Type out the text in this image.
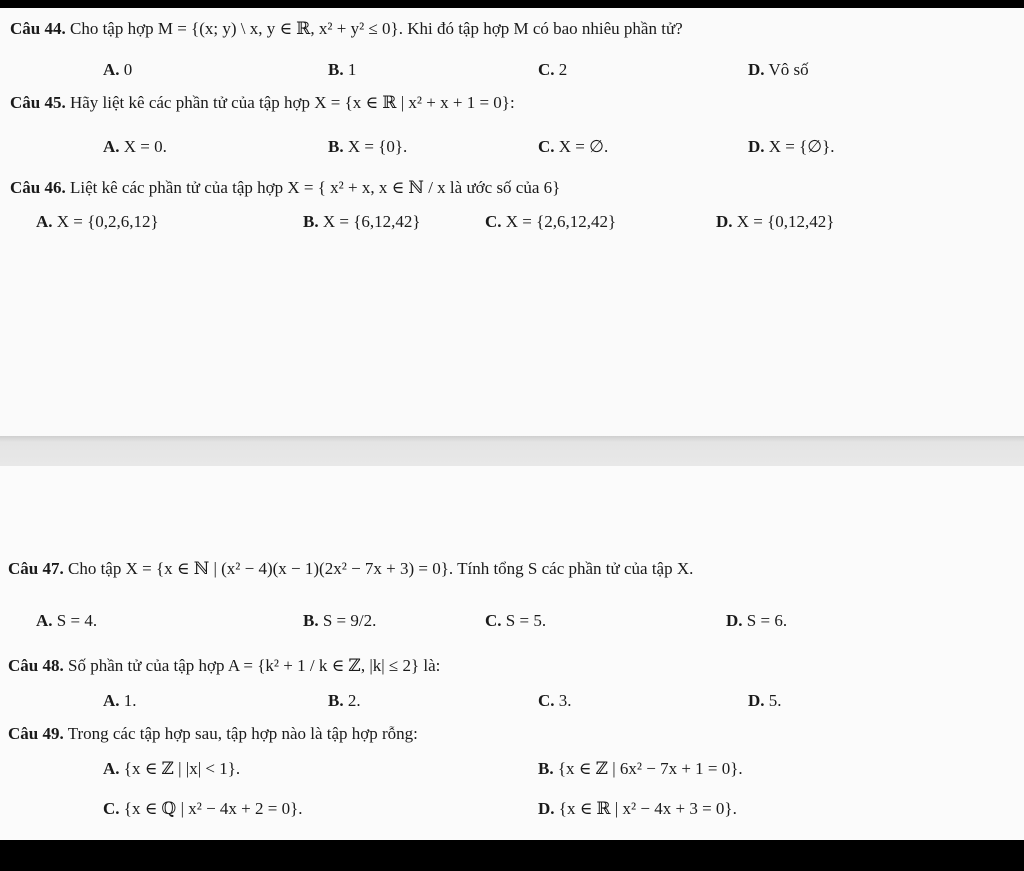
Câu 44. Cho tập hợp M = {(x; y) \ x, y ∈ ℝ, x² + y² ≤ 0}. Khi đó tập hợp M có bao nhiêu phần tử?
A. 0	B. 1	C. 2	D. Vô số
Câu 45. Hãy liệt kê các phần tử của tập hợp X = {x ∈ ℝ | x² + x + 1 = 0}:
A. X = 0.	B. X = {0}.	C. X = ∅.	D. X = {∅}.
Câu 46. Liệt kê các phần tử của tập hợp X = { x² + x, x ∈ ℕ / x là ước số của 6}
A. X = {0,2,6,12}	B. X = {6,12,42}	C. X = {2,6,12,42}	D. X = {0,12,42}
Câu 47. Cho tập X = {x ∈ ℕ | (x² − 4)(x − 1)(2x² − 7x + 3) = 0}. Tính tổng S các phần tử của tập X.
A. S = 4.	B. S = 9/2.	C. S = 5.	D. S = 6.
Câu 48. Số phần tử của tập hợp A = {k² + 1 / k ∈ ℤ, |k| ≤ 2} là:
A. 1.	B. 2.	C. 3.	D. 5.
Câu 49. Trong các tập hợp sau, tập hợp nào là tập hợp rỗng:
A. {x ∈ ℤ | |x| < 1}.	B. {x ∈ ℤ | 6x² − 7x + 1 = 0}.
C. {x ∈ ℚ | x² − 4x + 2 = 0}.	D. {x ∈ ℝ | x² − 4x + 3 = 0}.
